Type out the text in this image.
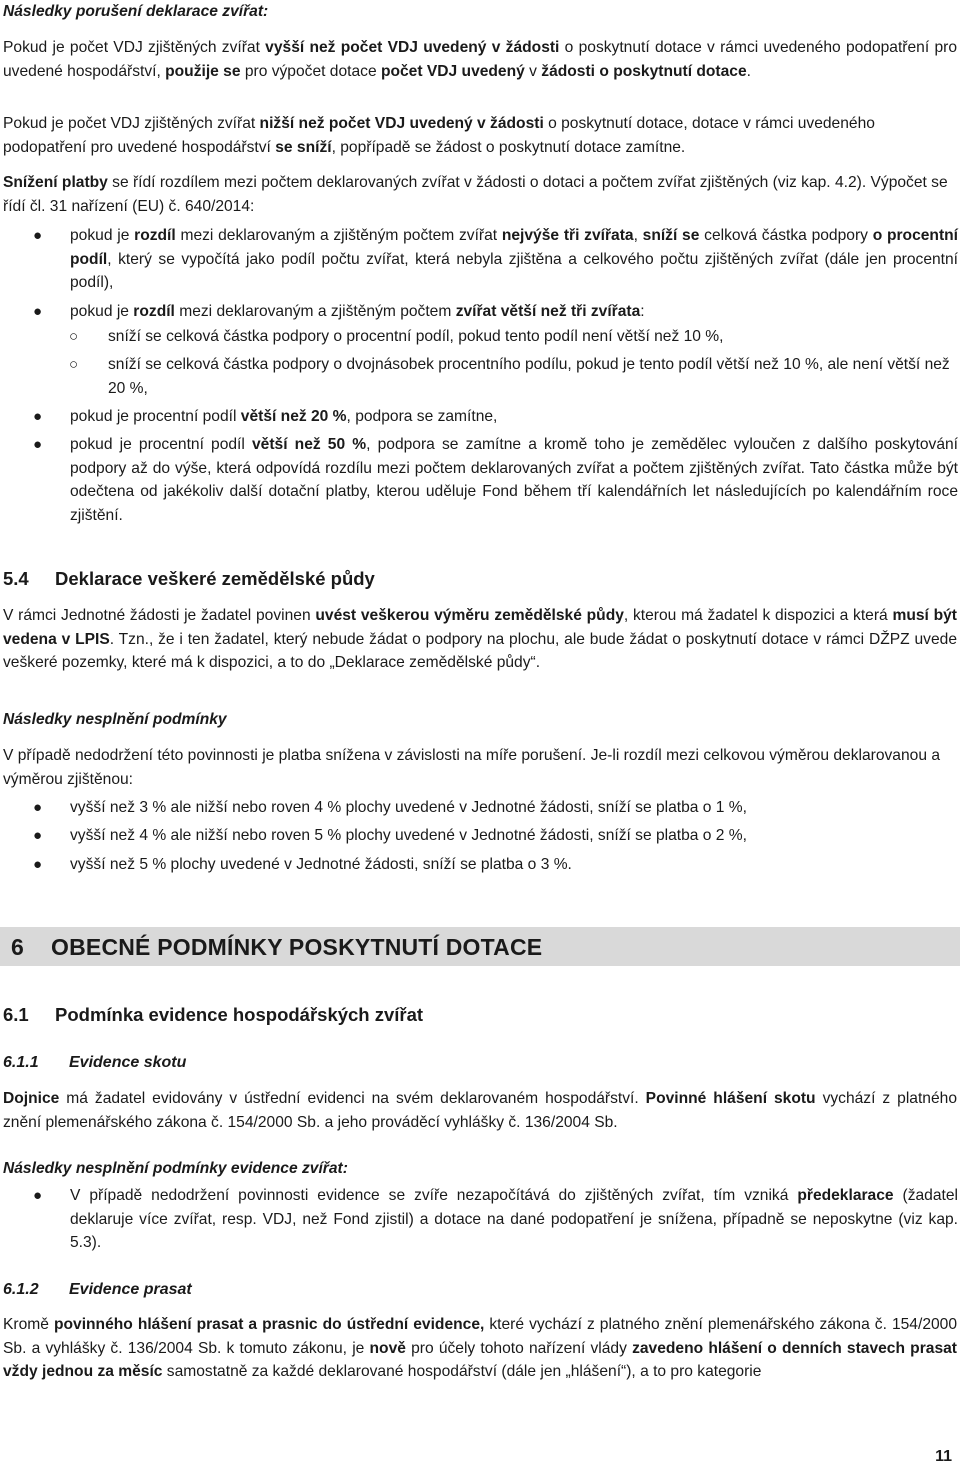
Následky porušení deklarace zvířat:
Pokud je počet VDJ zjištěných zvířat vyšší než počet VDJ uvedený v žádosti o poskytnutí dotace v rámci uvedeného podopatření pro uvedené hospodářství, použije se pro výpočet dotace počet VDJ uvedený v žádosti o poskytnutí dotace.
Pokud je počet VDJ zjištěných zvířat nižší než počet VDJ uvedený v žádosti o poskytnutí dotace, dotace v rámci uvedeného podopatření pro uvedené hospodářství se sníží, popřípadě se žádost o poskytnutí dotace zamítne.
Snížení platby se řídí rozdílem mezi počtem deklarovaných zvířat v žádosti o dotaci a počtem zvířat zjištěných (viz kap. 4.2). Výpočet se řídí čl. 31 nařízení (EU) č. 640/2014:
● pokud je rozdíl mezi deklarovaným a zjištěným počtem zvířat nejvýše tři zvířata, sníží se celková částka podpory o procentní podíl, který se vypočítá jako podíl počtu zvířat, která nebyla zjištěna a celkového počtu zjištěných zvířat (dále jen procentní podíl),
● pokud je rozdíl mezi deklarovaným a zjištěným počtem zvířat větší než tři zvířata:
○ sníží se celková částka podpory o procentní podíl, pokud tento podíl není větší než 10 %,
○ sníží se celková částka podpory o dvojnásobek procentního podílu, pokud je tento podíl větší než 10 %, ale není větší než 20 %,
● pokud je procentní podíl větší než 20 %, podpora se zamítne,
● pokud je procentní podíl větší než 50 %, podpora se zamítne a kromě toho je zemědělec vyloučen z dalšího poskytování podpory až do výše, která odpovídá rozdílu mezi počtem deklarovaných zvířat a počtem zjištěných zvířat. Tato částka může být odečtena od jakékoliv další dotační platby, kterou uděluje Fond během tří kalendářních let následujících po kalendářním roce zjištění.
5.4 Deklarace veškeré zemědělské půdy
V rámci Jednotné žádosti je žadatel povinen uvést veškerou výměru zemědělské půdy, kterou má žadatel k dispozici a která musí být vedena v LPIS. Tzn., že i ten žadatel, který nebude žádat o podpory na plochu, ale bude žádat o poskytnutí dotace v rámci DŽPZ uvede veškeré pozemky, které má k dispozici, a to do „Deklarace zemědělské půdy“.
Následky nesplnění podmínky
V případě nedodržení této povinnosti je platba snížena v závislosti na míře porušení. Je-li rozdíl mezi celkovou výměrou deklarovanou a výměrou zjištěnou:
● vyšší než 3 % ale nižší nebo roven 4 % plochy uvedené v Jednotné žádosti, sníží se platba o 1 %,
● vyšší než 4 % ale nižší nebo roven 5 % plochy uvedené v Jednotné žádosti, sníží se platba o 2 %,
● vyšší než 5 % plochy uvedené v Jednotné žádosti, sníží se platba o 3 %.
6 OBECNÉ PODMÍNKY POSKYTNUTÍ DOTACE
6.1 Podmínka evidence hospodářských zvířat
6.1.1 Evidence skotu
Dojnice má žadatel evidovány v ústřední evidenci na svém deklarovaném hospodářství. Povinné hlášení skotu vychází z platného znění plemenářského zákona č. 154/2000 Sb. a jeho prováděcí vyhlášky č. 136/2004 Sb.
Následky nesplnění podmínky evidence zvířat:
● V případě nedodržení povinnosti evidence se zvíře nezapočítává do zjištěných zvířat, tím vzniká předeklarace (žadatel deklaruje více zvířat, resp. VDJ, než Fond zjistil) a dotace na dané podopatření je snížena, případně se neposkytne (viz kap. 5.3).
6.1.2 Evidence prasat
Kromě povinného hlášení prasat a prasnic do ústřední evidence, které vychází z platného znění plemenářského zákona č. 154/2000 Sb. a vyhlášky č. 136/2004 Sb. k tomuto zákonu, je nově pro účely tohoto nařízení vlády zavedeno hlášení o denních stavech prasat vždy jednou za měsíc samostatně za každé deklarované hospodářství (dále jen „hlášení“), a to pro kategorie
11
